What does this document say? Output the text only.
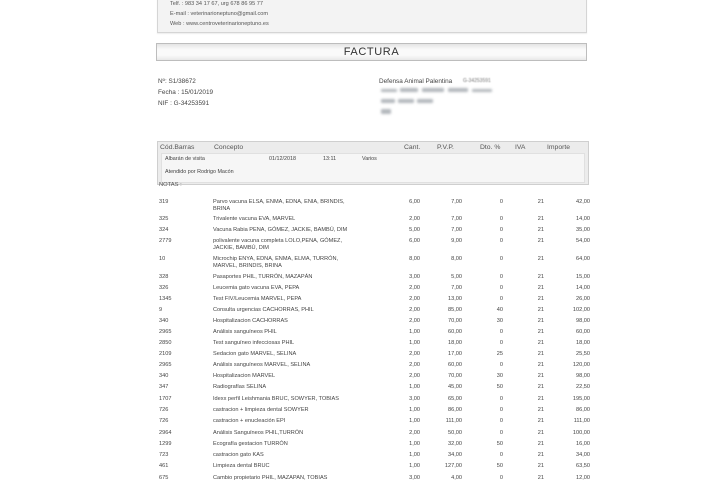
Telf. : 983 34 17 67, urg 678 86 95 77
E-mail : veterinarioneptuno@gmail.com
Web : www.centroveterinarioneptuno.es
FACTURA
Nº: S1/38672
Fecha : 15/01/2019
NIF : G-34253591
Defensa Animal Palentina G-34253591
Cód.Barras	Concepto	Cant. P.V.P.	Dto. % IVA	Importe
Albarán de visita	01/12/2018	13:11	Varios
Atendido por Rodrigo Macón
NOTAS :
319	Parvo vacuna ELSA, ENMA, EDNA, ENIA, BRINDIS, BRINA
6,00	7,00	0	21	42,00
325	Trivalente vacuna EVA, MARVEL	2,00	7,00	0	21	14,00
324	Vacuna Rabia PENA, GÓMEZ, JACKIE, BAMBÚ, DIM	5,00	7,00	0	21	35,00
2779	polivalente vacuna completa LOLO,PENA, GÓMEZ, JACKIE, BAMBÚ, DIM
6,00	9,00	0	21	54,00
10	Microchip ENYA, EDNA, ENMA, ELMA, TURRÓN, MARVEL, BRINDIS, BRINA
8,00	8,00	0	21	64,00
328	Pasaportes PHIL, TURRÓN, MAZAPÁN	3,00	5,00	0	21	15,00
326	Leucemia gato vacuna EVA, PEPA	2,00	7,00	0	21	14,00
1345	Test FIV/Leucemia MARVEL, PEPA	2,00	13,00	0	21	26,00
9	Consulta urgencias CACHORRAS, PHIL	2,00	85,00	40	21	102,00
340	Hospitalizacion CACHORRAS	2,00	70,00	30	21	98,00
2965	Análisis sanguíneos PHIL	1,00	60,00	0	21	60,00
2850	Test sanguíneo infecciosas PHIL	1,00	18,00	0	21	18,00
2109	Sedacion gato MARVEL, SELINA	2,00	17,00	25	21	25,50
2965	Análisis sanguíneos MARVEL, SELINA	2,00	60,00	0	21	120,00
340	Hospitalizacion MARVEL	2,00	70,00	30	21	98,00
347	Radiografías SELINA	1,00	45,00	50	21	22,50
1707	Idexx perfil Leishmania BRUC, SOWYER, TOBIAS	3,00	65,00	0	21	195,00
726	castracion + limpieza dental SOWYER	1,00	86,00	0	21	86,00
726	castracion + enucleación EPI	1,00	111,00	0	21	111,00
2964	Análisis Sanguíneos PHIL,TURRÓN	2,00	50,00	0	21	100,00
1299	Ecografía gestacion TURRÓN	1,00	32,00	50	21	16,00
723	castracion gato KAS	1,00	34,00	0	21	34,00
461	Limpieza dental BRUC	1,00	127,00	50	21	63,50
675	Cambio propietario PHIL, MAZAPAN, TOBIAS	3,00	4,00	0	21	12,00
